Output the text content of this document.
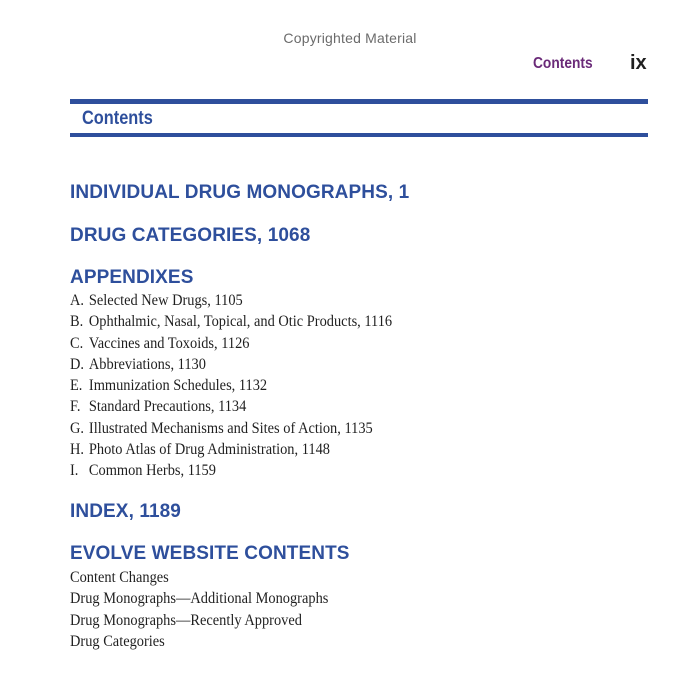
Copyrighted Material
Contents ix
Contents
INDIVIDUAL DRUG MONOGRAPHS, 1
DRUG CATEGORIES, 1068
APPENDIXES
A. Selected New Drugs, 1105
B. Ophthalmic, Nasal, Topical, and Otic Products, 1116
C. Vaccines and Toxoids, 1126
D. Abbreviations, 1130
E. Immunization Schedules, 1132
F. Standard Precautions, 1134
G. Illustrated Mechanisms and Sites of Action, 1135
H. Photo Atlas of Drug Administration, 1148
I. Common Herbs, 1159
INDEX, 1189
EVOLVE WEBSITE CONTENTS
Content Changes
Drug Monographs—Additional Monographs
Drug Monographs—Recently Approved
Drug Categories
